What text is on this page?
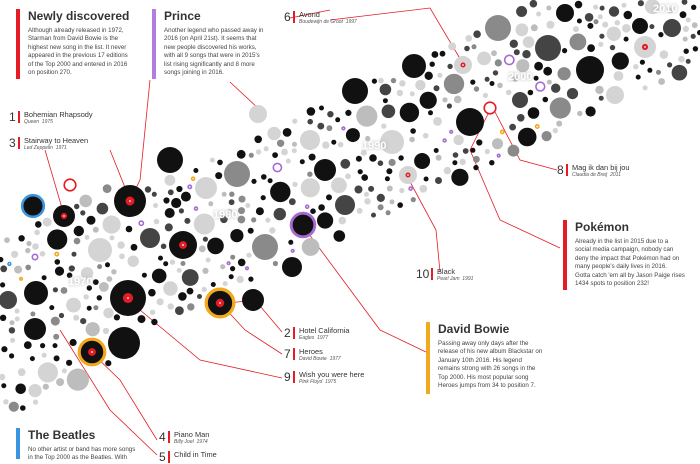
1970
1980
1990
2000
2010
Newly discovered
Although already released in 1972,
Starman from David Bowie is the
highest new song in the list. It never
appeared in the previous 17 editions
of the Top 2000 and entered in 2016
on position 270.
Prince
Another legend who passed away in
2016 (on April 21st). It seems that
new people discovered his works,
with all 9 songs that were in 2015's
list rising significantly and 8 more
songs joining in 2016.
Pokémon
Already in the list in 2015 due to a
social media campaign, nobody can
deny the impact that Pokémon had on
many people's daily lives in 2016.
Gotta catch 'em all by Jason Paige rises
1434 spots to position 232!
David Bowie
Passing away only days after the
release of his new album Blackstar on
January 10th 2016. His legend
remains strong with 26 songs in the
Top 2000. His most popular song
Heroes jumps from 34 to position 7.
The Beatles
No other artist or band has more songs
in the Top 2000 as the Beatles. With
1 Bohemian Rhapsody
Queen 1975
3 Stairway to Heaven
Led Zeppelin 1971
6 Avond
Boudewijn de Groot 1997
8 Mag ik dan bij jou
Claudia de Breij 2011
10 Black
Pearl Jam 1991
2 Hotel California
Eagles 1977
7 Heroes
David Bowie 1977
9 Wish you were here
Pink Floyd 1975
4 Piano Man
Billy Joel 1974
5 Child in Time
